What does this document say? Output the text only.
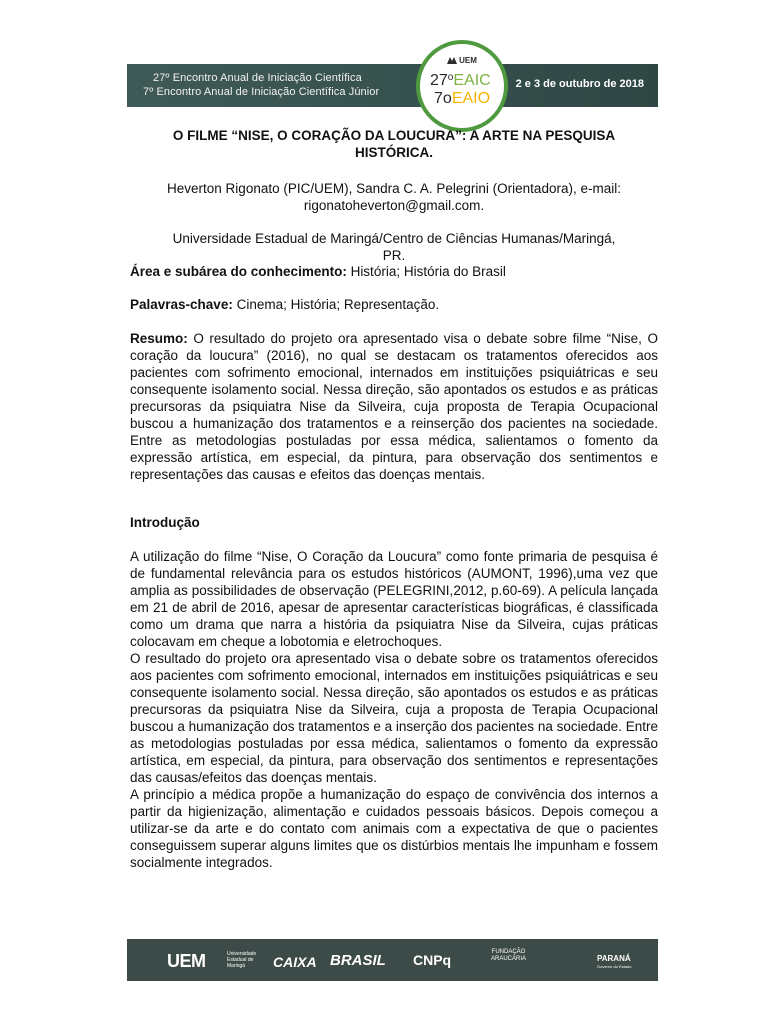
27º Encontro Anual de Iniciação Científica
7º Encontro Anual de Iniciação Científica Júnior
2 e 3 de outubro de 2018
UEM
27$^o$EAIC
7oEAIO
O FILME “NISE, O CORAÇÃO DA LOUCURA”: A ARTE NA PESQUISA
HISTÓRICA.
Heverton Rigonato (PIC/UEM), Sandra C. A. Pelegrini (Orientadora), e-mail:
rigonatoheverton@gmail.com.
Universidade Estadual de Maringá/Centro de Ciências Humanas/Maringá,
PR.
Área e subárea do conhecimento: História; História do Brasil
Palavras-chave: Cinema; História; Representação.
Resumo: O resultado do projeto ora apresentado visa o debate sobre filme “Nise, O coração da loucura” (2016), no qual se destacam os tratamentos oferecidos aos pacientes com sofrimento emocional, internados em instituições psiquiátricas e seu consequente isolamento social. Nessa direção, são apontados os estudos e as práticas precursoras da psiquiatra Nise da Silveira, cuja proposta de Terapia Ocupacional buscou a humanização dos tratamentos e a reinserção dos pacientes na sociedade. Entre as metodologias postuladas por essa médica, salientamos o fomento da expressão artística, em especial, da pintura, para observação dos sentimentos e representações das causas e efeitos das doenças mentais.
Introdução
A utilização do filme “Nise, O Coração da Loucura” como fonte primaria de pesquisa é de fundamental relevância para os estudos históricos (AUMONT, 1996),uma vez que amplia as possibilidades de observação (PELEGRINI,2012, p.60-69). A película lançada em 21 de abril de 2016, apesar de apresentar características biográficas, é classificada como um drama que narra a história da psiquiatra Nise da Silveira, cujas práticas colocavam em cheque a lobotomia e eletrochoques.
O resultado do projeto ora apresentado visa o debate sobre os tratamentos oferecidos aos pacientes com sofrimento emocional, internados em instituições psiquiátricas e seu consequente isolamento social. Nessa direção, são apontados os estudos e as práticas precursoras da psiquiatra Nise da Silveira, cuja a proposta de Terapia Ocupacional buscou a humanização dos tratamentos e a inserção dos pacientes na sociedade. Entre as metodologias postuladas por essa médica, salientamos o fomento da expressão artística, em especial, da pintura, para observação dos sentimentos e representações das causas/efeitos das doenças mentais.
A princípio a médica propõe a humanização do espaço de convivência dos internos a partir da higienização, alimentação e cuidados pessoais básicos. Depois começou a utilizar-se da arte e do contato com animais com a expectativa de que o pacientes conseguissem superar alguns limites que os distúrbios mentais lhe impunham e fossem socialmente integrados.
UEM	Universidade
Estadual de
Maringá	CAIXA BRASIL CNPq	FUNDAÇÃO
ARAUCÁRIA	PARANÁ
Governo do Estado
